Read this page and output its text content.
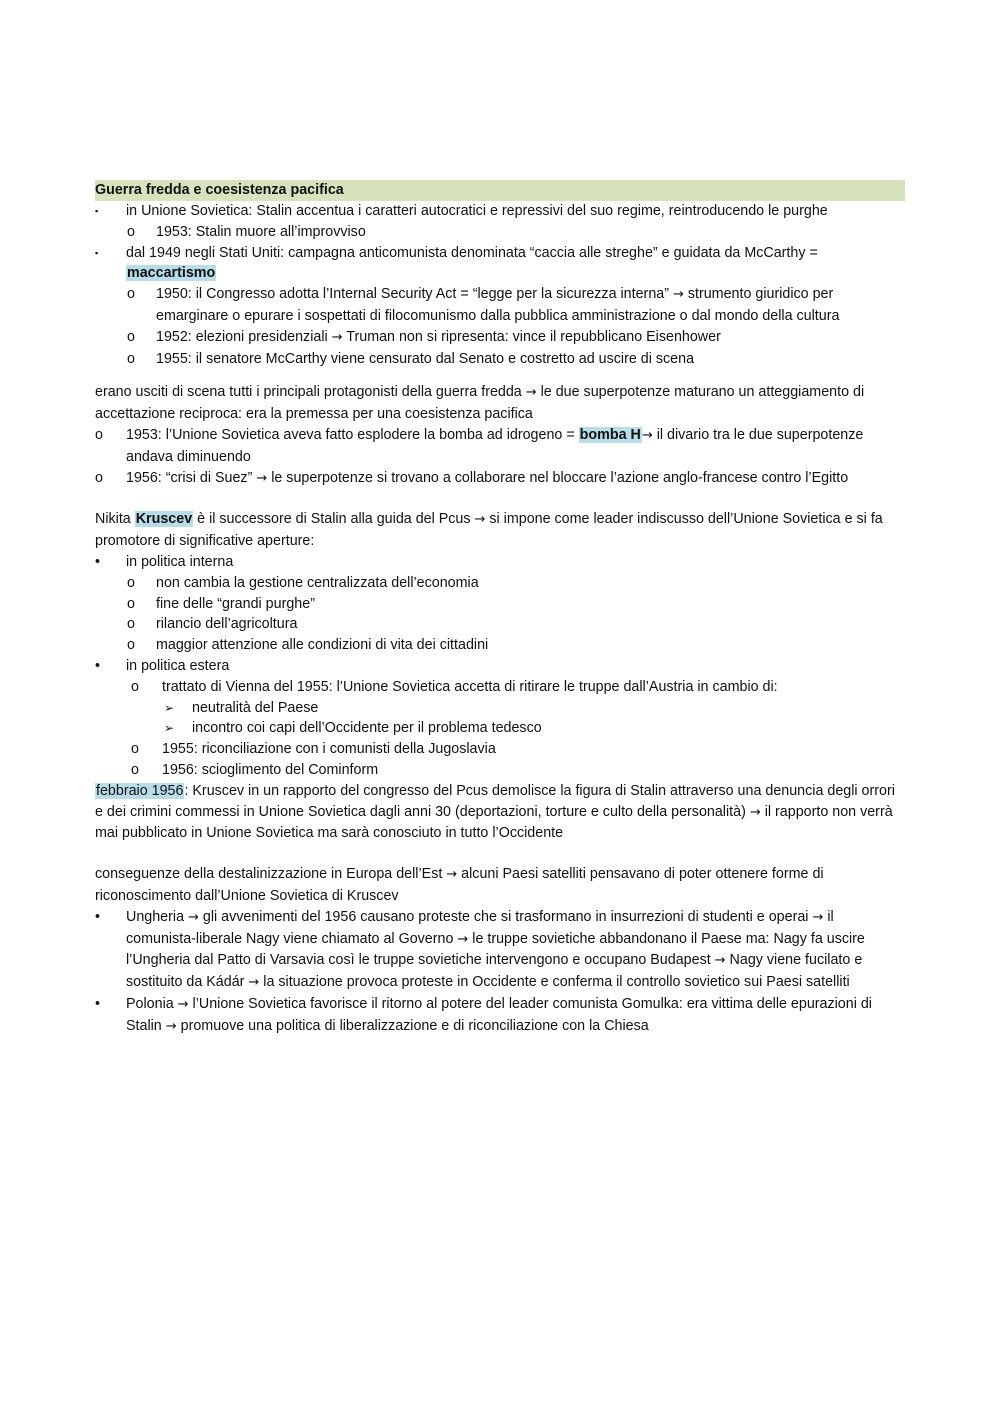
Guerra fredda e coesistenza pacifica
▪ in Unione Sovietica: Stalin accentua i caratteri autocratici e repressivi del suo regime, reintroducendo le purghe
o 1953: Stalin muore all’improvviso
▪ dal 1949 negli Stati Uniti: campagna anticomunista denominata “caccia alle streghe” e guidata da McCarthy =
maccartismo
o 1950: il Congresso adotta l’Internal Security Act = “legge per la sicurezza interna” → strumento giuridico per emarginare o epurare i sospettati di filocomunismo dalla pubblica amministrazione o dal mondo della cultura
o 1952: elezioni presidenziali → Truman non si ripresenta: vince il repubblicano Eisenhower
o 1955: il senatore McCarthy viene censurato dal Senato e costretto ad uscire di scena

erano usciti di scena tutti i principali protagonisti della guerra fredda → le due superpotenze maturano un atteggiamento di accettazione reciproca: era la premessa per una coesistenza pacifica

o 1953: l’Unione Sovietica aveva fatto esplodere la bomba ad idrogeno = bomba H→ il divario tra le due superpotenze andava diminuendo
o 1956: “crisi di Suez” → le superpotenze si trovano a collaborare nel bloccare l’azione anglo-francese contro l’Egitto

Nikita Kruscev è il successore di Stalin alla guida del Pcus → si impone come leader indiscusso dell’Unione Sovietica e si fa promotore di significative aperture:

• in politica interna
o non cambia la gestione centralizzata dell’economia
o fine delle “grandi purghe”
o rilancio dell’agricoltura
o maggior attenzione alle condizioni di vita dei cittadini
• in politica estera
o trattato di Vienna del 1955: l’Unione Sovietica accetta di ritirare le truppe dall’Austria in cambio di:
➢ neutralità del Paese
➢ incontro coi capi dell’Occidente per il problema tedesco
o 1955: riconciliazione con i comunisti della Jugoslavia
o 1956: scioglimento del Cominform

febbraio 1956: Kruscev in un rapporto del congresso del Pcus demolisce la figura di Stalin attraverso una denuncia degli orrori e dei crimini commessi in Unione Sovietica dagli anni 30 (deportazioni, torture e culto della personalità) → il rapporto non verrà mai pubblicato in Unione Sovietica ma sarà conosciuto in tutto l’Occidente

conseguenze della destalinizzazione in Europa dell’Est → alcuni Paesi satelliti pensavano di poter ottenere forme di riconoscimento dall’Unione Sovietica di Kruscev

• Ungheria → gli avvenimenti del 1956 causano proteste che si trasformano in insurrezioni di studenti e operai → il comunista-liberale Nagy viene chiamato al Governo → le truppe sovietiche abbandonano il Paese ma: Nagy fa uscire l’Ungheria dal Patto di Varsavia così le truppe sovietiche intervengono e occupano Budapest → Nagy viene fucilato e sostituito da Kádár → la situazione provoca proteste in Occidente e conferma il controllo sovietico sui Paesi satelliti
• Polonia → l’Unione Sovietica favorisce il ritorno al potere del leader comunista Gomulka: era vittima delle epurazioni di Stalin → promuove una politica di liberalizzazione e di riconciliazione con la Chiesa
